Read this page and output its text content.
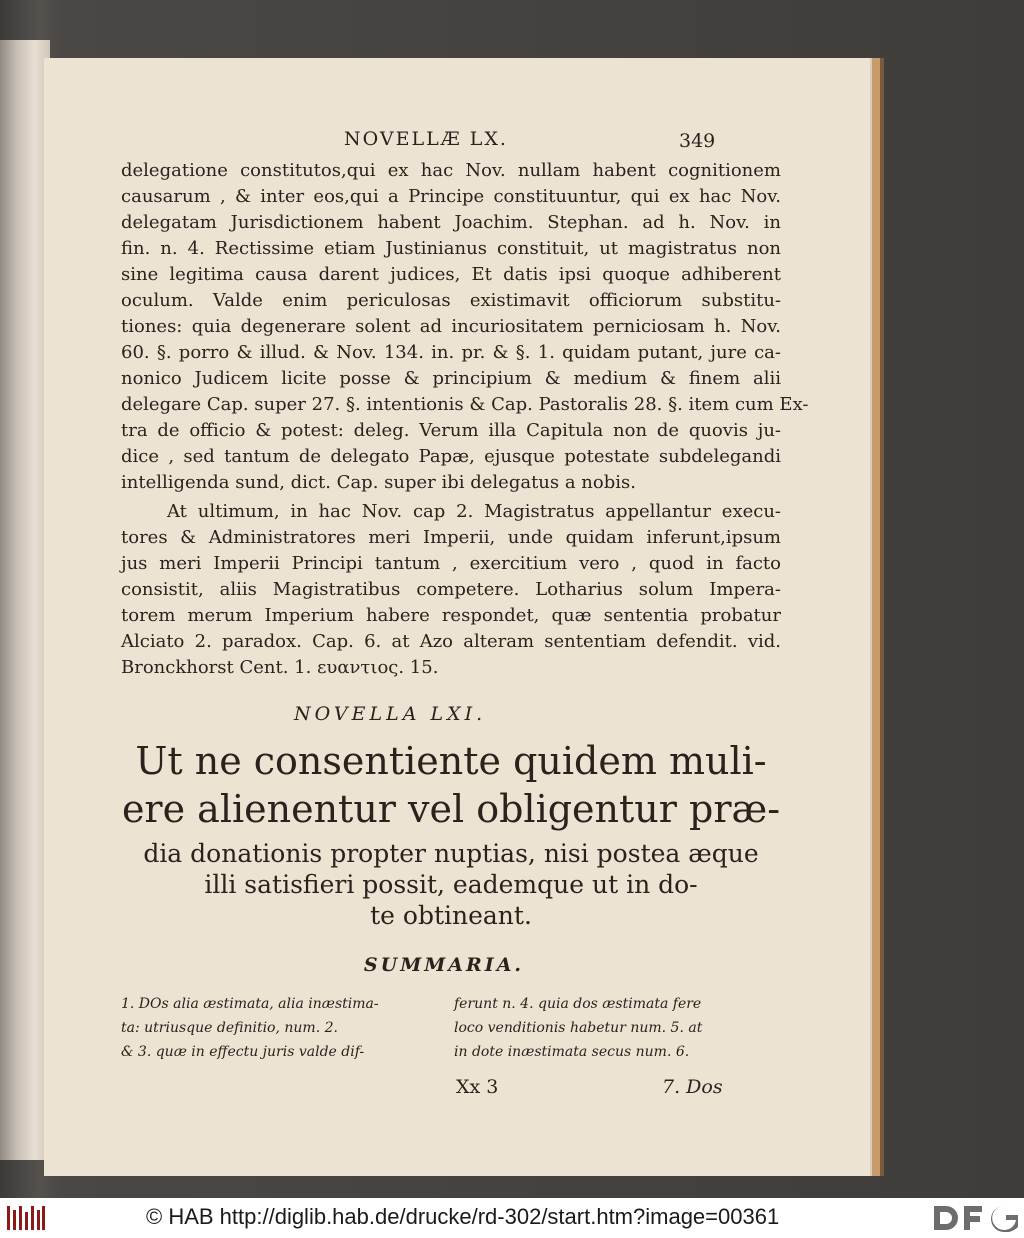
NOVELLÆ LX.	349

delegatione constitutos,qui ex hac Nov. nullam habent cognitionem

causarum , & inter eos,qui a Principe constituuntur, qui ex hac Nov.

delegatam Jurisdictionem habent Joachim. Stephan. ad h. Nov. in

fin. n. 4. Rectissime etiam Justinianus constituit, ut magistratus non

sine legitima causa darent judices, Et datis ipsi quoque adhiberent

oculum. Valde enim periculosas existimavit officiorum substitu-

tiones: quia degenerare solent ad incuriositatem perniciosam h. Nov.

60. §. porro & illud. & Nov. 134. in. pr. & §. 1. quidam putant, jure ca-

nonico Judicem licite posse & principium & medium & finem alii

delegare Cap. super 27. §. intentionis & Cap. Pastoralis 28. §. item cum Ex-

tra de officio & potest: deleg. Verum illa Capitula non de quovis ju-

dice , sed tantum de delegato Papæ, ejusque potestate subdelegandi

intelligenda sund, dict. Cap. super ibi delegatus a nobis.

At ultimum, in hac Nov. cap 2. Magistratus appellantur execu-

tores & Administratores meri Imperii, unde quidam inferunt,ipsum

jus meri Imperii Principi tantum , exercitium vero , quod in facto

consistit, aliis Magistratibus competere. Lotharius solum Impera-

torem merum Imperium habere respondet, quæ sententia probatur

Alciato 2. paradox. Cap. 6. at Azo alteram sententiam defendit. vid.

Bronckhorst Cent. 1. ευαντιος. 15.

NOVELLA LXI.

Ut ne consentiente quidem muli-

ere alienentur vel obligentur præ-

dia donationis propter nuptias, nisi postea æque

illi satisfieri possit, eademque ut in do-

te obtineant.

SUMMARIA.

1. DOs alia æstimata, alia inæstima-
ta: utriusque definitio, num. 2.
& 3. quæ in effectu juris valde dif-
ferunt n. 4. quia dos æstimata fere
loco venditionis habetur num. 5. at
in dote inæstimata secus num. 6.
Xx 3	7. Dos
© HAB http://diglib.hab.de/drucke/rd-302/start.htm?image=00361
